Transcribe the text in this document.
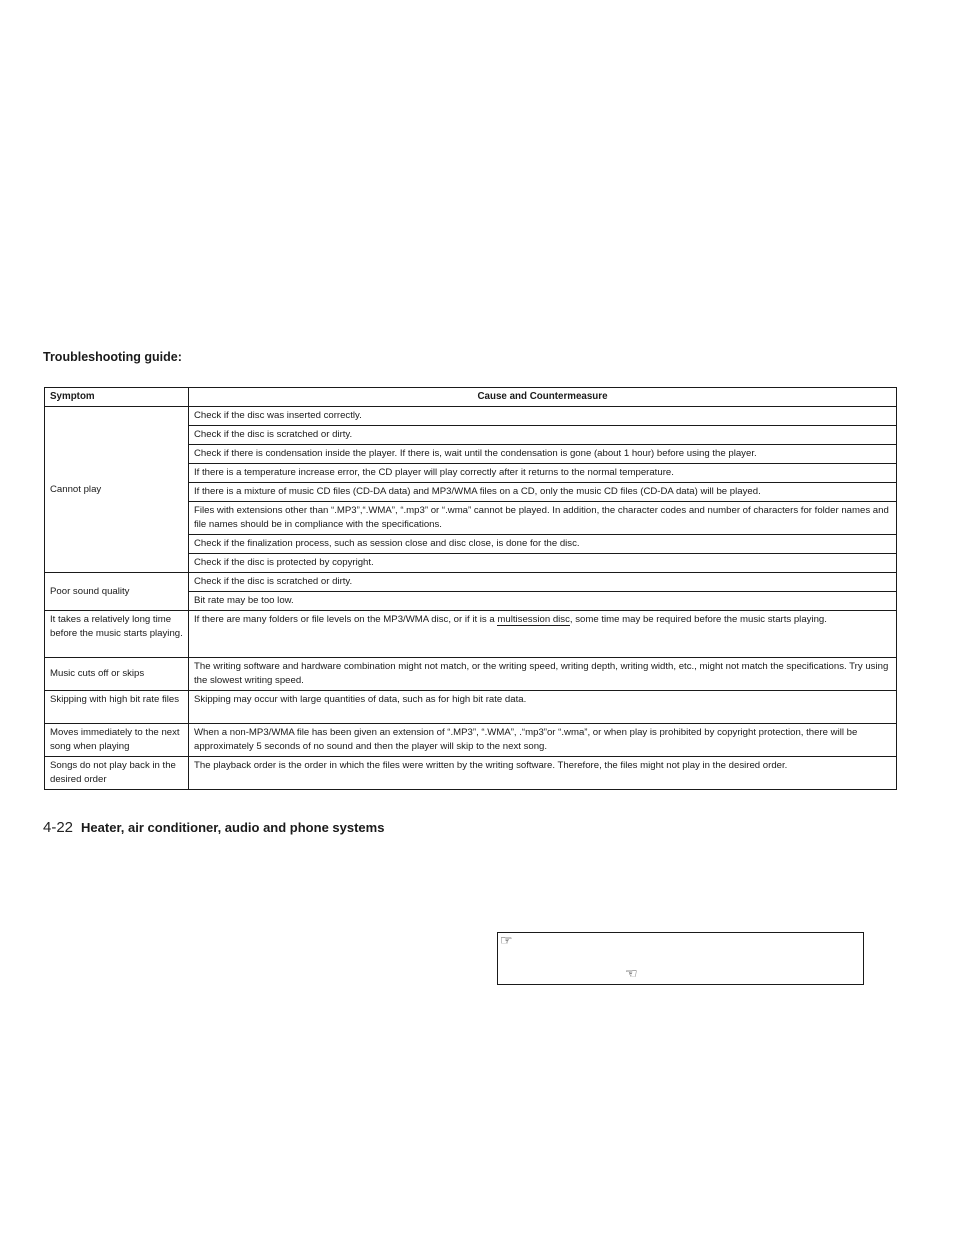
Troubleshooting guide:
Symptom	Cause and Countermeasure
Cannot play	Check if the disc was inserted correctly.
	Check if the disc is scratched or dirty.
	Check if there is condensation inside the player. If there is, wait until the condensation is gone (about 1 hour) before using the player.
	If there is a temperature increase error, the CD player will play correctly after it returns to the normal temperature.
	If there is a mixture of music CD files (CD-DA data) and MP3/WMA files on a CD, only the music CD files (CD-DA data) will be played.
	Files with extensions other than “.MP3”,“.WMA”, “.mp3” or “.wma” cannot be played. In addition, the character codes and number of characters for folder names and file names should be in compliance with the specifications.
	Check if the finalization process, such as session close and disc close, is done for the disc.
	Check if the disc is protected by copyright.
Poor sound quality	Check if the disc is scratched or dirty.
	Bit rate may be too low.
It takes a relatively long time before the music starts playing.	If there are many folders or file levels on the MP3/WMA disc, or if it is a multisession disc, some time may be required before the music starts playing.
Music cuts off or skips	The writing software and hardware combination might not match, or the writing speed, writing depth, writing width, etc., might not match the specifications. Try using the slowest writing speed.
Skipping with high bit rate files	Skipping may occur with large quantities of data, such as for high bit rate data.
Moves immediately to the next song when playing	When a non-MP3/WMA file has been given an extension of “.MP3”, “.WMA”, .“mp3”or “.wma”, or when play is prohibited by copyright protection, there will be approximately 5 seconds of no sound and then the player will skip to the next song.
Songs do not play back in the desired order	The playback order is the order in which the files were written by the writing software. Therefore, the files might not play in the desired order.
4-22 Heater, air conditioner, audio and phone systems
☞
☜
